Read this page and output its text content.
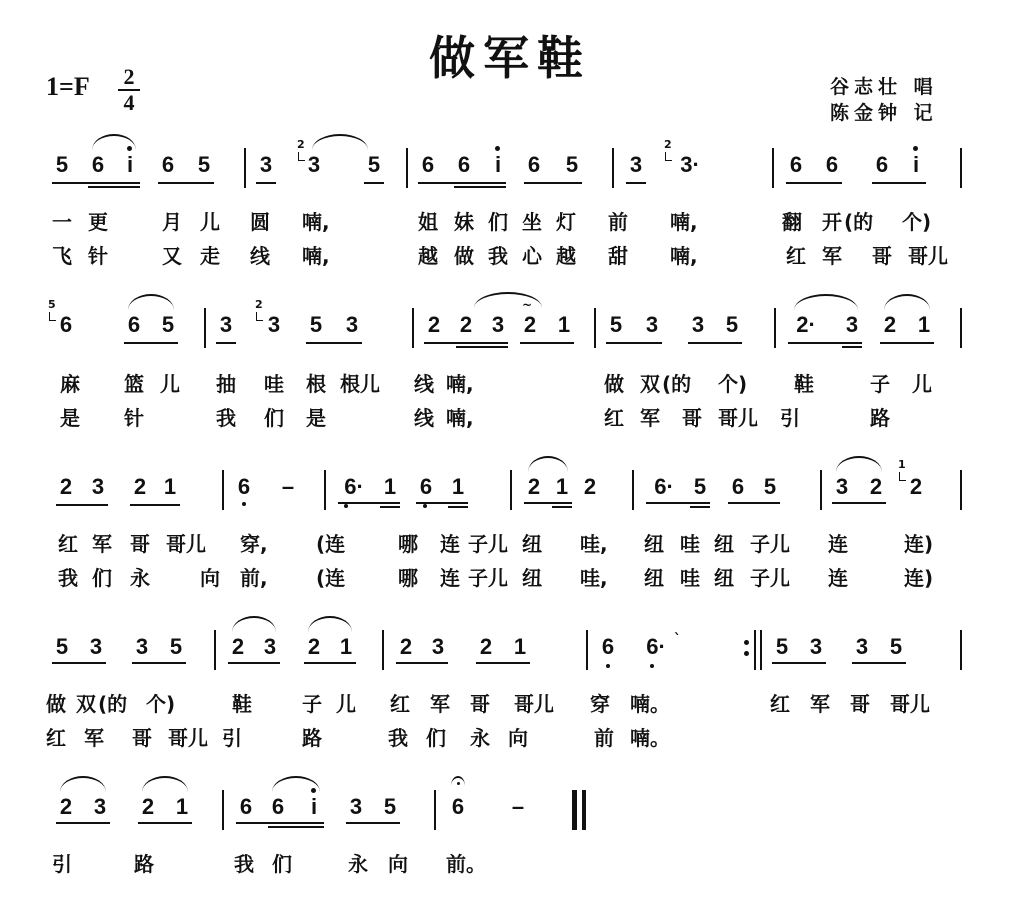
做军鞋
1=F 2
4
谷志壮 唱
陈金钟 记
5 6	i	6 5 3
2
3 5 6 6	i	6 5 3
2
3·	6 6 6	i
一 更	月 儿 圆 喃,	姐 妹 们 坐 灯 前 喃,	翻 开 (的 个)
飞 针	又 走 线 喃,	越 做 我 心 越 甜 喃,	红 军 哥 哥儿
5
6	6 5 3
2
3 5 3	2 2 3 2 1
~
5 3 3 5	2·	3 2 1
麻 篮 儿 抽 哇 根 根儿 线 喃,	做 双 (的 个) 鞋	子 儿
是 针	我 们 是	线 喃,	红 军 哥 哥儿 引	路
2 3 2 1	6 – 6· 1 6 1	2 1 2	6· 5 6 5	3 2
1
2
红 军 哥 哥儿 穿, (连	哪 连 子儿 纽 哇, 纽 哇 纽 子儿 连	连)
我 们 永	向 前, (连	哪 连 子儿 纽 哇, 纽 哇 纽 子儿 连	连)
5 3 3 5 2 3 2 1 2 3 2 1	6 6· `	5 3 3 5
做 双 (的 个)	鞋	子 儿 红 军 哥 哥儿 穿 喃。	红 军 哥 哥儿
红 军 哥 哥儿 引	路	我 们 永 向	前 喃。
2 3 2 1 6 6	i	3 5	6 –
引	路	我 们	永 向 前。
